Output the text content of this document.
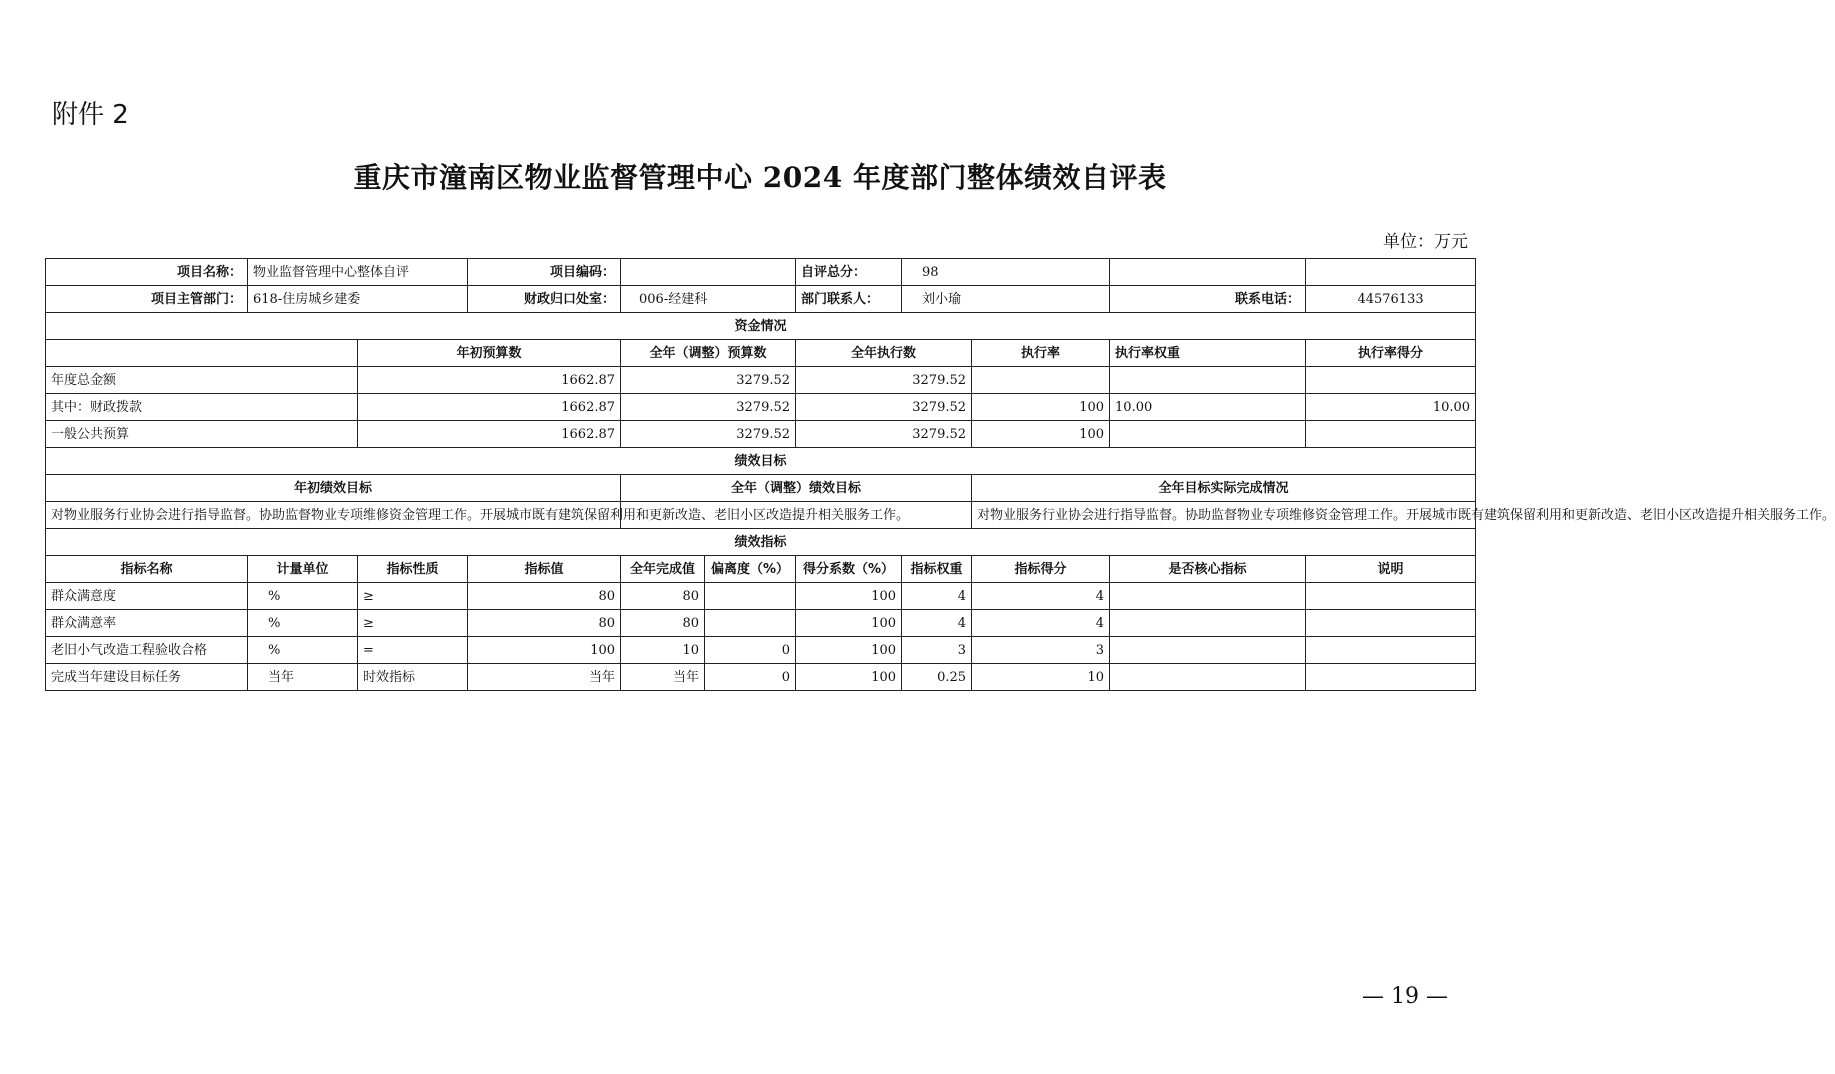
附件 2
重庆市潼南区物业监督管理中心 2024 年度部门整体绩效自评表
单位：万元
项目名称：	物业监督管理中心整体自评		项目编码：			自评总分：	98			
项目主管部门：	618-住房城乡建委		财政归口处室：	006-经建科		部门联系人：	刘小瑜		联系电话：	44576133
资金情况										
		年初预算数		全年（调整）预算数		全年执行数		执行率	执行率权重	执行率得分
年度总金额		1662.87		3279.52		3279.52				
其中：财政拨款		1662.87		3279.52		3279.52		100	10.00	10.00
一般公共预算		1662.87		3279.52		3279.52		100		
绩效目标										
年初绩效目标				全年（调整）绩效目标				全年目标实际完成情况		
对物业服务行业协会进行指导监督。协助监督物业专项维修资金管理工作。开展城市既有建筑保留利用和更新改造、老旧小区改造提升相关服务工作。								对物业服务行业协会进行指导监督。协助监督物业专项维修资金管理工作。开展城市既有建筑保留利用和更新改造、老旧小区改造提升相关服务工作。		
绩效指标										
指标名称	计量单位	指标性质	指标值	全年完成值	偏离度（%）	得分系数（%）	指标权重	指标得分	是否核心指标	说明
群众满意度	%	≥	80	80		100	4	4		
群众满意率	%	≥	80	80		100	4	4		
老旧小气改造工程验收合格	%	=	100	10	0	100	3	3		
完成当年建设目标任务	当年	时效指标	当年	当年	0	100	0.25	10		
— 19 —
